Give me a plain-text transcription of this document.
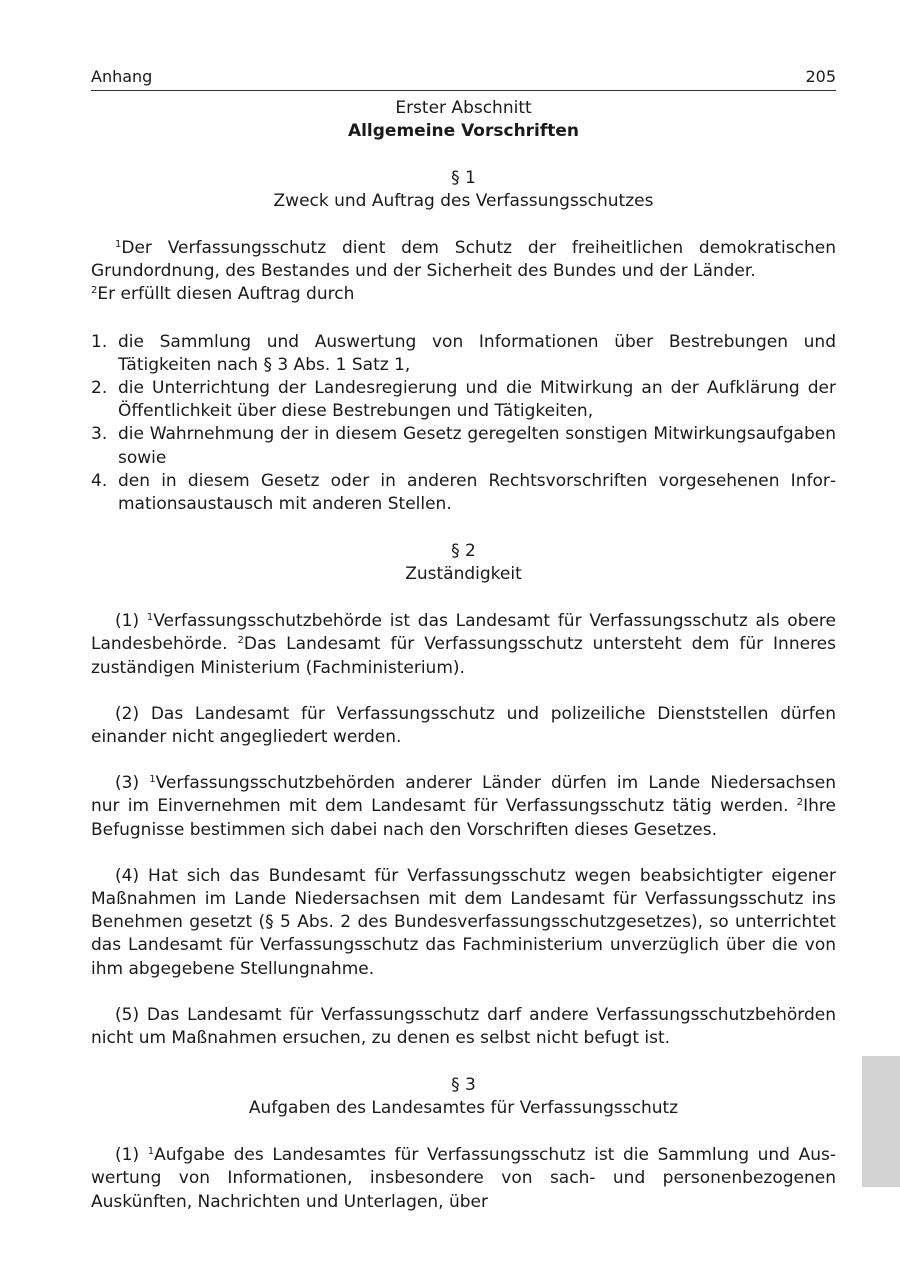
Anhang	205
Erster Abschnitt
Allgemeine Vorschriften
§ 1
Zweck und Auftrag des Verfassungsschutzes
$^1$Der Verfassungsschutz dient dem Schutz der freiheitlichen demokratischen Grundordnung, des Bestandes und der Sicherheit des Bundes und der Länder.
$^2$Er erfüllt diesen Auftrag durch
1. die Sammlung und Auswertung von Informationen über Bestrebungen und Tätigkeiten nach § 3 Abs. 1 Satz 1,
2. die Unterrichtung der Landesregierung und die Mitwirkung an der Aufklärung der Öffentlichkeit über diese Bestrebungen und Tätigkeiten,
3. die Wahrnehmung der in diesem Gesetz geregelten sonstigen Mitwirkungsaufgaben sowie
4. den in diesem Gesetz oder in anderen Rechtsvorschriften vorgesehenen Informationsaustausch mit anderen Stellen.
§ 2
Zuständigkeit
(1) $^1$Verfassungsschutzbehörde ist das Landesamt für Verfassungsschutz als obere Landesbehörde. $^2$Das Landesamt für Verfassungsschutz untersteht dem für Inneres zuständigen Ministerium (Fachministerium).
(2) Das Landesamt für Verfassungsschutz und polizeiliche Dienststellen dürfen einander nicht angegliedert werden.
(3) $^1$Verfassungsschutzbehörden anderer Länder dürfen im Lande Niedersachsen nur im Einvernehmen mit dem Landesamt für Verfassungsschutz tätig werden. $^2$Ihre Befugnisse bestimmen sich dabei nach den Vorschriften dieses Gesetzes.
(4) Hat sich das Bundesamt für Verfassungsschutz wegen beabsichtigter eigener Maßnahmen im Lande Niedersachsen mit dem Landesamt für Verfassungsschutz ins Benehmen gesetzt (§ 5 Abs. 2 des Bundesverfassungsschutzgesetzes), so unterrichtet das Landesamt für Verfassungsschutz das Fachministerium unverzüglich über die von ihm abgegebene Stellungnahme.
(5) Das Landesamt für Verfassungsschutz darf andere Verfassungsschutzbehörden nicht um Maßnahmen ersuchen, zu denen es selbst nicht befugt ist.
§ 3
Aufgaben des Landesamtes für Verfassungsschutz
(1) $^1$Aufgabe des Landesamtes für Verfassungsschutz ist die Sammlung und Auswertung von Informationen, insbesondere von sach- und personenbezogenen Auskünften, Nachrichten und Unterlagen, über
